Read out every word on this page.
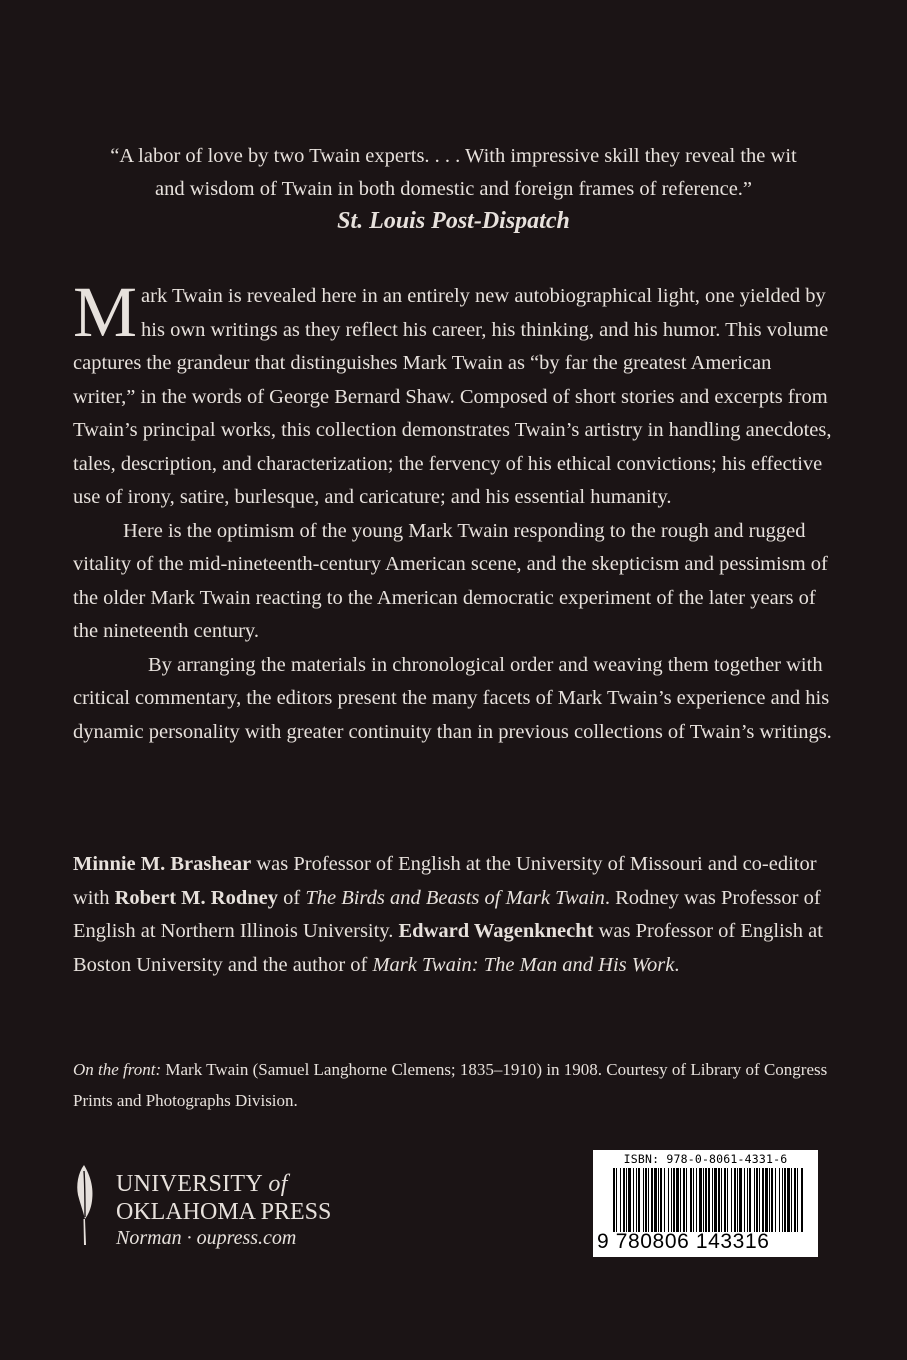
“A labor of love by two Twain experts. . . . With impressive skill they reveal the wit
and wisdom of Twain in both domestic and foreign frames of reference.”
St. Louis Post-Dispatch

Mark Twain is revealed here in an entirely new autobiographical light, one yielded by his own writings as they reflect his career, his thinking, and his humor. This volume captures the grandeur that distinguishes Mark Twain as “by far the greatest American writer,” in the words of George Bernard Shaw. Composed of short stories and excerpts from Twain’s principal works, this collection demonstrates Twain’s artistry in handling anecdotes, tales, description, and characterization; the fervency of his ethical convictions; his effective use of irony, satire, burlesque, and caricature; and his essential humanity.

Here is the optimism of the young Mark Twain responding to the rough and rugged vitality of the mid-nineteenth-century American scene, and the skepticism and pessimism of the older Mark Twain reacting to the American democratic experiment of the later years of the nineteenth century.

By arranging the materials in chronological order and weaving them together with critical commentary, the editors present the many facets of Mark Twain’s experience and his dynamic personality with greater continuity than in previous collections of Twain’s writings.

Minnie M. Brashear was Professor of English at the University of Missouri and co-editor with Robert M. Rodney of The Birds and Beasts of Mark Twain. Rodney was Professor of English at Northern Illinois University. Edward Wagenknecht was Professor of English at Boston University and the author of Mark Twain: The Man and His Work.
On the front: Mark Twain (Samuel Langhorne Clemens; 1835–1910) in 1908. Courtesy of Library of Congress Prints and Photographs Division.
UNIVERSITY of
OKLAHOMA PRESS
Norman · oupress.com
ISBN: 978-0-8061-4331-6
9 780806 143316
